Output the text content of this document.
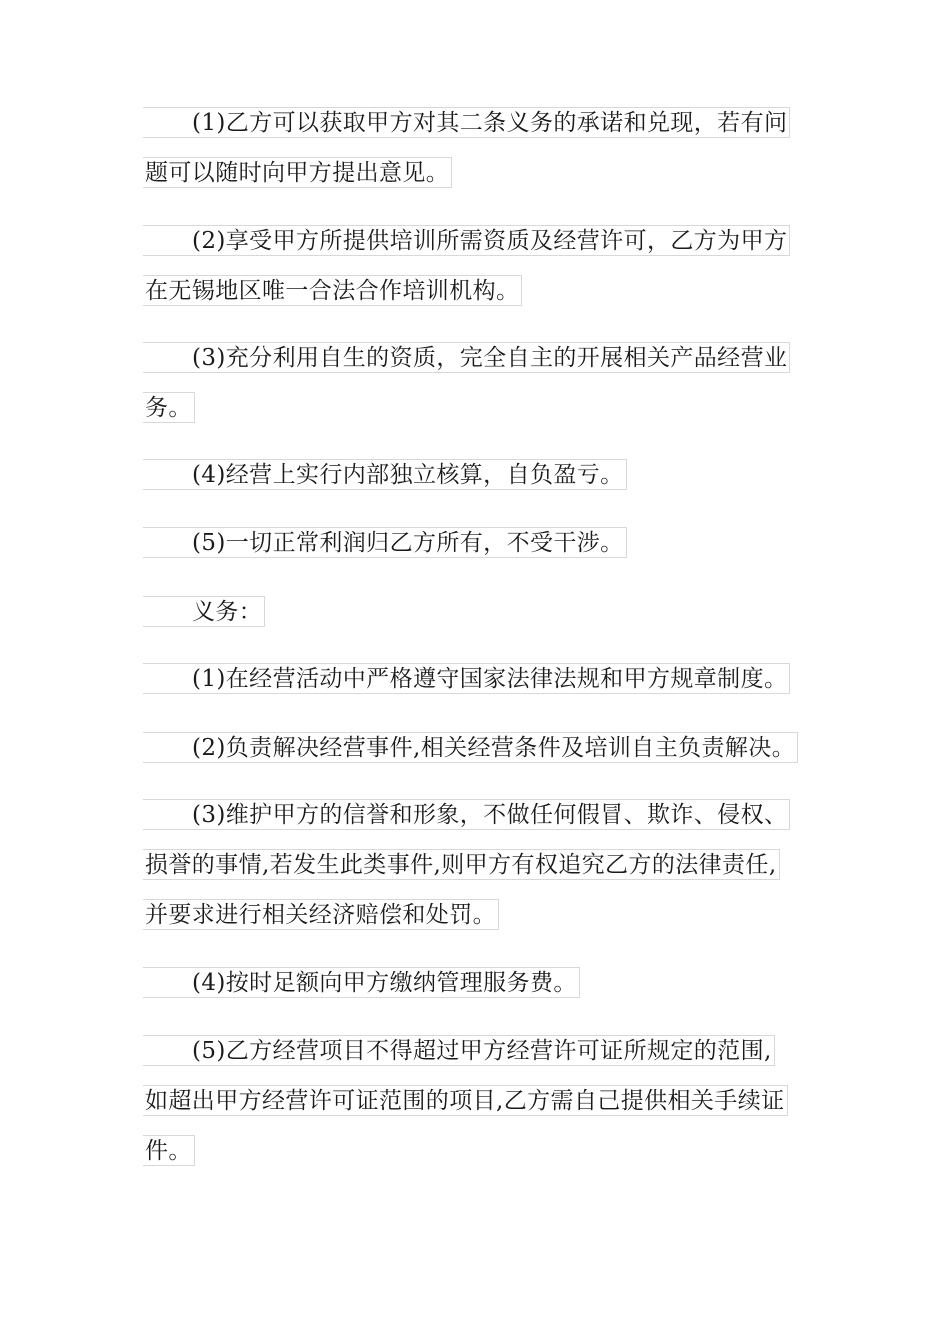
(1)乙方可以获取甲方对其二条义务的承诺和兑现，若有问
题可以随时向甲方提出意见。
(2)享受甲方所提供培训所需资质及经营许可，乙方为甲方
在无锡地区唯一合法合作培训机构。
(3)充分利用自生的资质，完全自主的开展相关产品经营业
务。
(4)经营上实行内部独立核算，自负盈亏。
(5)一切正常利润归乙方所有，不受干涉。
义务：
(1)在经营活动中严格遵守国家法律法规和甲方规章制度。
(2)负责解决经营事件,相关经营条件及培训自主负责解决。
(3)维护甲方的信誉和形象，不做任何假冒、欺诈、侵权、
损誉的事情,若发生此类事件,则甲方有权追究乙方的法律责任,
并要求进行相关经济赔偿和处罚。
(4)按时足额向甲方缴纳管理服务费。
(5)乙方经营项目不得超过甲方经营许可证所规定的范围,
如超出甲方经营许可证范围的项目,乙方需自己提供相关手续证
件。
